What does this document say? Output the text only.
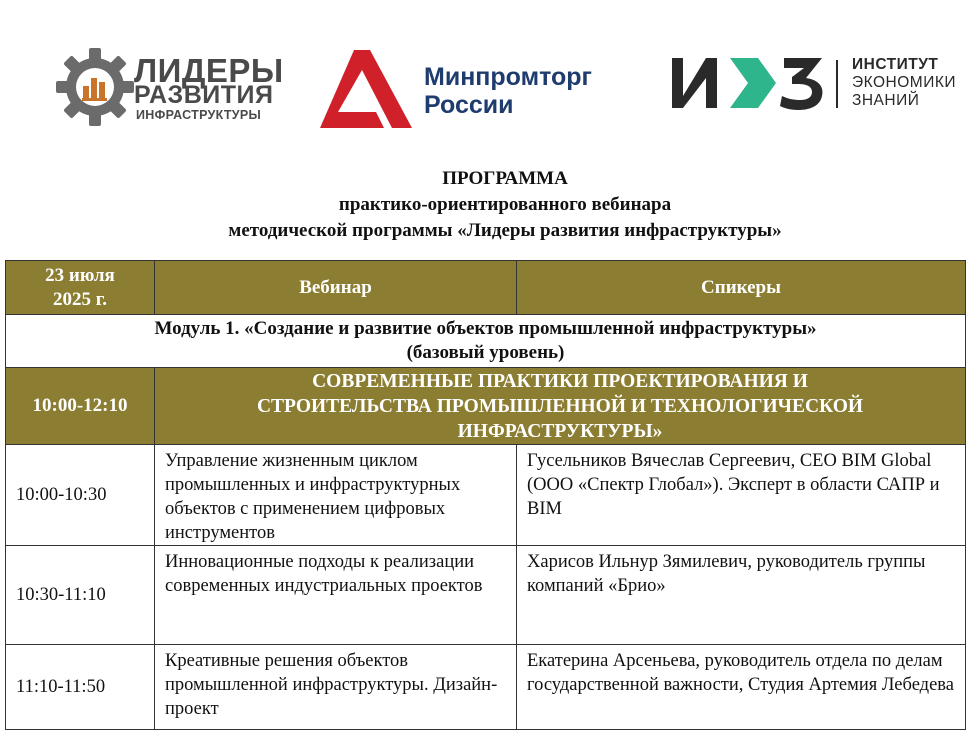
ЛИДЕРЫ
РАЗВИТИЯ
ИНФРАСТРУКТУРЫ
Минпромторг
России
ИНСТИТУТ
ЭКОНОМИКИ
ЗНАНИЙ
ПРОГРАММА
практико-ориентированного вебинара
методической программы «Лидеры развития инфраструктуры»
23 июля
2025 г.	Вебинар	Спикеры

Модуль 1. «Создание и развитие объектов промышленной инфраструктуры»
(базовый уровень)		

10:00-12:10	СОВРЕМЕННЫЕ ПРАКТИКИ ПРОЕКТИРОВАНИЯ И
СТРОИТЕЛЬСТВА ПРОМЫШЛЕННОЙ И ТЕХНОЛОГИЧЕСКОЙ
ИНФРАСТРУКТУРЫ»	

10:00-10:30	Управление жизненным циклом промышленных и инфраструктурных объектов с применением цифровых инструментов	Гусельников Вячеслав Сергеевич, CEO BIM Global (ООО «Спектр Глобал»). Эксперт в области САПР и BIM
10:30-11:10	Инновационные подходы к реализации современных индустриальных проектов	Харисов Ильнур Зямилевич, руководитель группы компаний «Брио»
11:10-11:50	Креативные решения объектов промышленной инфраструктуры. Дизайн-проект	Екатерина Арсеньева, руководитель отдела по делам государственной важности, Студия Артемия Лебедева
